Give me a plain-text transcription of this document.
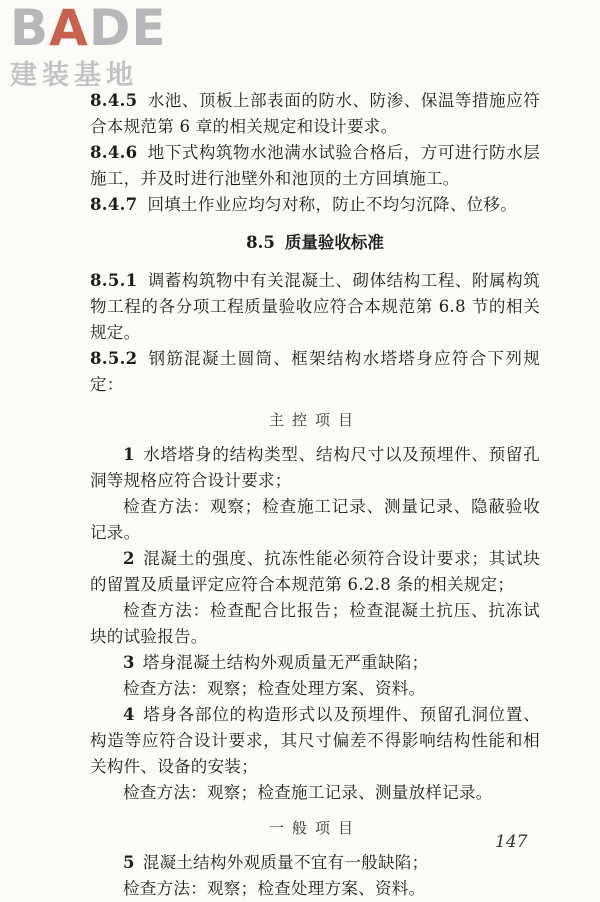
BADE
建装基地

8.4.5 水池、顶板上部表面的防水、防渗、保温等措施应符合本规范第 6 章的相关规定和设计要求。

8.4.6 地下式构筑物水池满水试验合格后，方可进行防水层施工，并及时进行池壁外和池顶的土方回填施工。

8.4.7 回填土作业应均匀对称，防止不均匀沉降、位移。

8.5 质量验收标准

8.5.1 调蓄构筑物中有关混凝土、砌体结构工程、附属构筑物工程的各分项工程质量验收应符合本规范第 6.8 节的相关规定。

8.5.2 钢筋混凝土圆筒、框架结构水塔塔身应符合下列规定：

主控项目

1 水塔塔身的结构类型、结构尺寸以及预埋件、预留孔洞等规格应符合设计要求；

检查方法：观察；检查施工记录、测量记录、隐蔽验收记录。

2 混凝土的强度、抗冻性能必须符合设计要求；其试块的留置及质量评定应符合本规范第 6.2.8 条的相关规定；

检查方法：检查配合比报告；检查混凝土抗压、抗冻试块的试验报告。

3 塔身混凝土结构外观质量无严重缺陷；

检查方法：观察；检查处理方案、资料。

4 塔身各部位的构造形式以及预埋件、预留孔洞位置、构造等应符合设计要求，其尺寸偏差不得影响结构性能和相关构件、设备的安装；

检查方法：观察；检查施工记录、测量放样记录。

一般项目

5 混凝土结构外观质量不宜有一般缺陷；

检查方法：观察；检查处理方案、资料。

147
